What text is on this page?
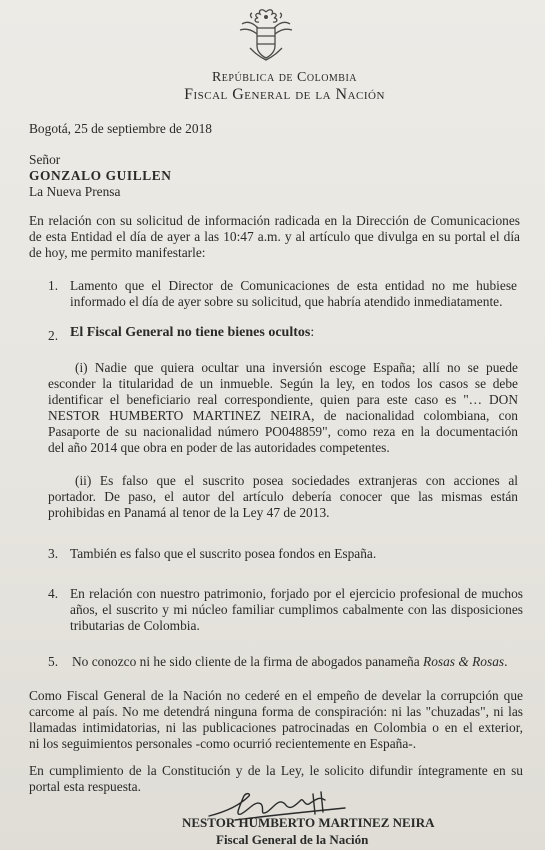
República de Colombia
Fiscal General de la Nación
Bogotá, 25 de septiembre de 2018
Señor
GONZALO GUILLEN
La Nueva Prensa
En relación con su solicitud de información radicada en la Dirección de Comunicaciones
de esta Entidad el día de ayer a las 10:47 a.m. y al artículo que divulga en su portal el día
de hoy, me permito manifestarle:
1. Lamento que el Director de Comunicaciones de esta entidad no me hubiese
informado el día de ayer sobre su solicitud, que habría atendido inmediatamente.
2. El Fiscal General no tiene bienes ocultos:
(i) Nadie que quiera ocultar una inversión escoge España; allí no se puede
esconder la titularidad de un inmueble. Según la ley, en todos los casos se debe
identificar el beneficiario real correspondiente, quien para este caso es "… DON
NESTOR HUMBERTO MARTINEZ NEIRA, de nacionalidad colombiana, con
Pasaporte de su nacionalidad número PO048859", como reza en la documentación
del año 2014 que obra en poder de las autoridades competentes.
(ii) Es falso que el suscrito posea sociedades extranjeras con acciones al
portador. De paso, el autor del artículo debería conocer que las mismas están
prohibidas en Panamá al tenor de la Ley 47 de 2013.
3. También es falso que el suscrito posea fondos en España.
4. En relación con nuestro patrimonio, forjado por el ejercicio profesional de muchos
años, el suscrito y mi núcleo familiar cumplimos cabalmente con las disposiciones
tributarias de Colombia.
5. No conozco ni he sido cliente de la firma de abogados panameña Rosas & Rosas.
Como Fiscal General de la Nación no cederé en el empeño de develar la corrupción que
carcome al país. No me detendrá ninguna forma de conspiración: ni las "chuzadas", ni las
llamadas intimidatorias, ni las publicaciones patrocinadas en Colombia o en el exterior,
ni los seguimientos personales -como ocurrió recientemente en España-.
En cumplimiento de la Constitución y de la Ley, le solicito difundir íntegramente en su
portal esta respuesta.
NESTOR HUMBERTO MARTINEZ NEIRA
Fiscal General de la Nación
